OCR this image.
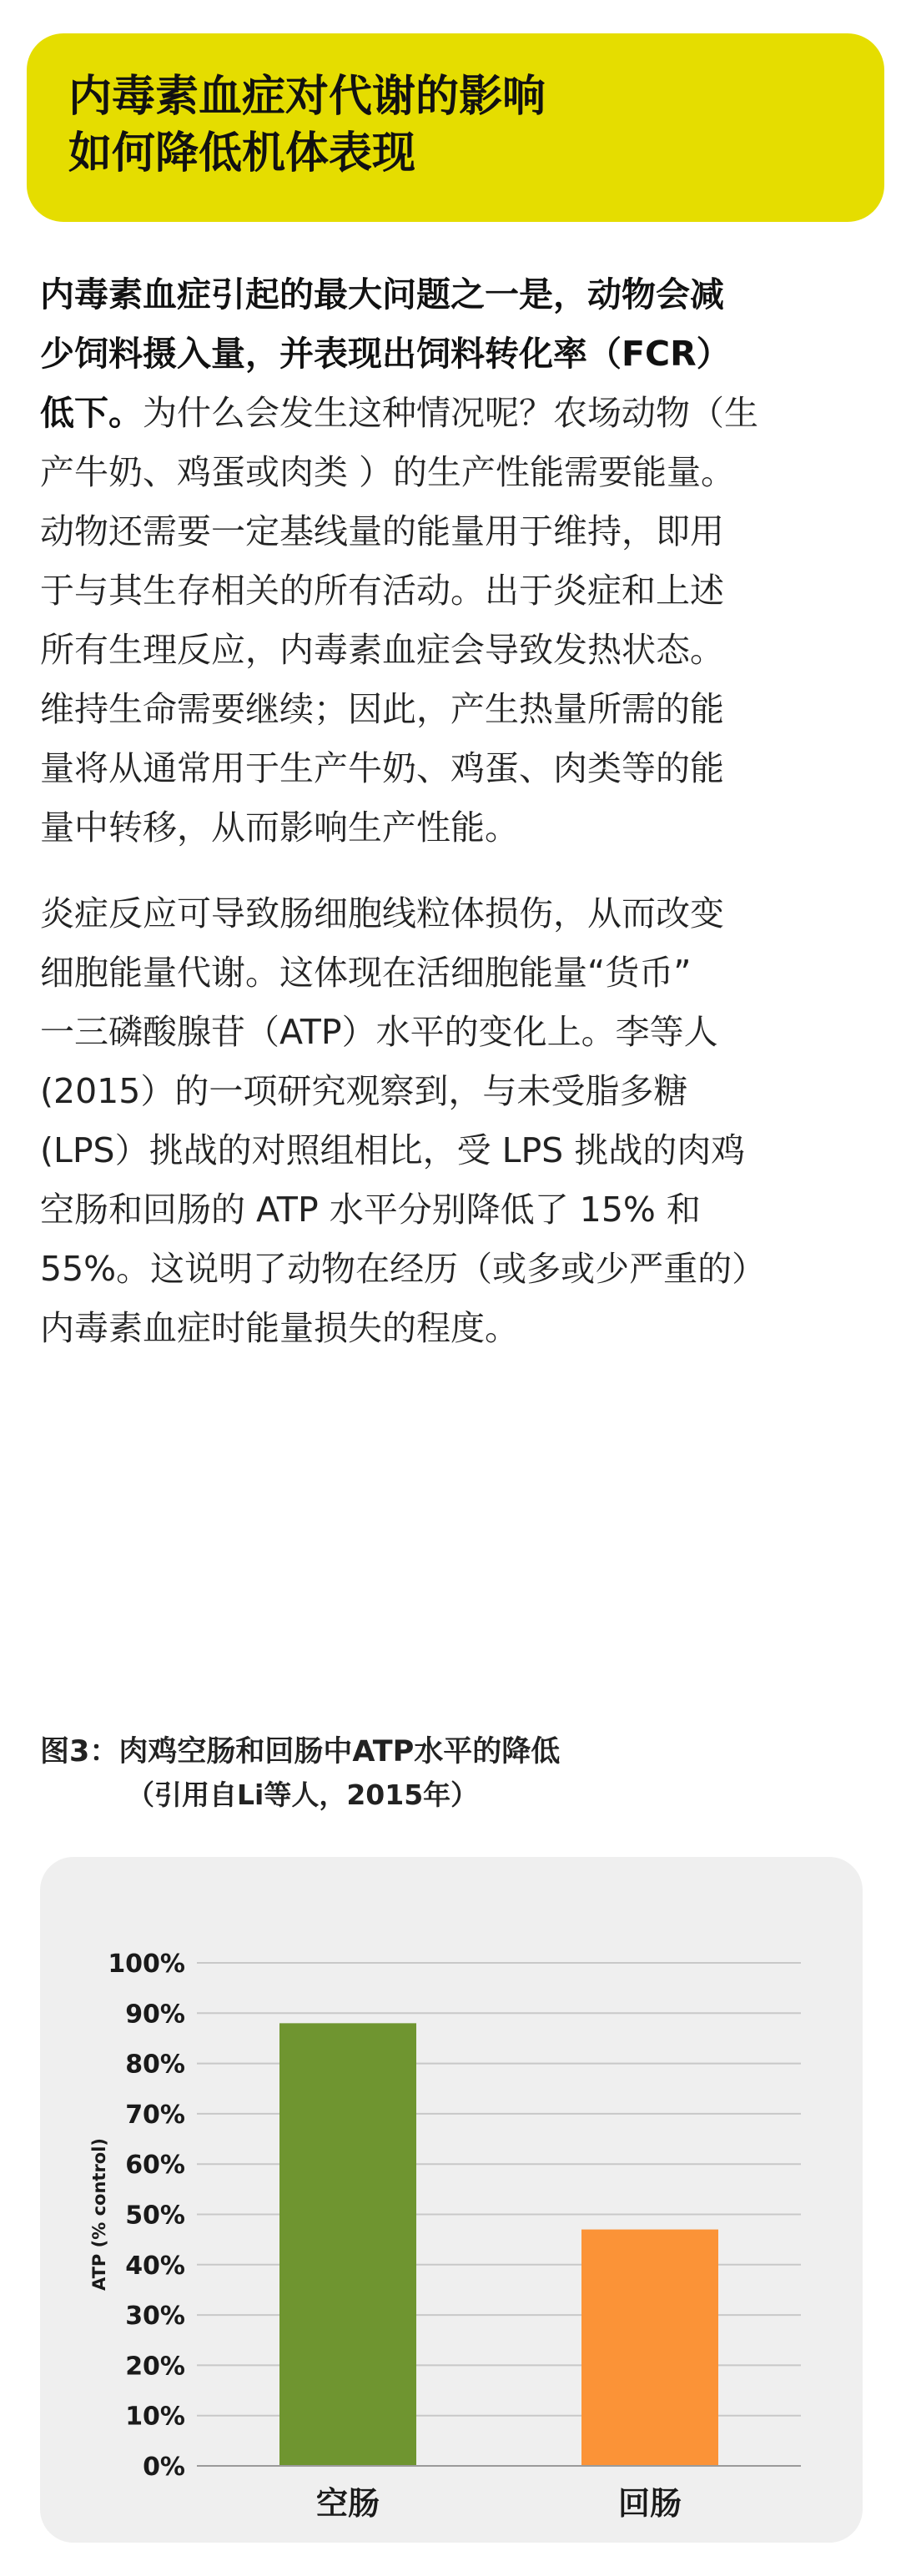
内毒素血症对代谢的影响
如何降低机体表现

内毒素血症引起的最大问题之一是，动物会减
少饲料摄入量，并表现出饲料转化率（FCR）
低下。为什么会发生这种情况呢？农场动物（生
产牛奶、鸡蛋或肉类 ）的生产性能需要能量。
动物还需要一定基线量的能量用于维持，即用
于与其生存相关的所有活动。出于炎症和上述
所有生理反应，内毒素血症会导致发热状态。
维持生命需要继续；因此，产生热量所需的能
量将从通常用于生产牛奶、鸡蛋、肉类等的能
量中转移，从而影响生产性能。

炎症反应可导致肠细胞线粒体损伤，从而改变
细胞能量代谢。这体现在活细胞能量“货币”
一三磷酸腺苷（ATP）水平的变化上。李等人
(2015）的一项研究观察到，与未受脂多糖
(LPS）挑战的对照组相比，受 LPS 挑战的肉鸡
空肠和回肠的 ATP 水平分别降低了 15% 和
55%。这说明了动物在经历（或多或少严重的）
内毒素血症时能量损失的程度。

图3：肉鸡空肠和回肠中ATP水平的降低
（引用自Li等人，2015年）
0%
10%
20%
30%
40%
50%
60%
70%
80%
90%
100%
ATP (% control)
空肠	回肠
